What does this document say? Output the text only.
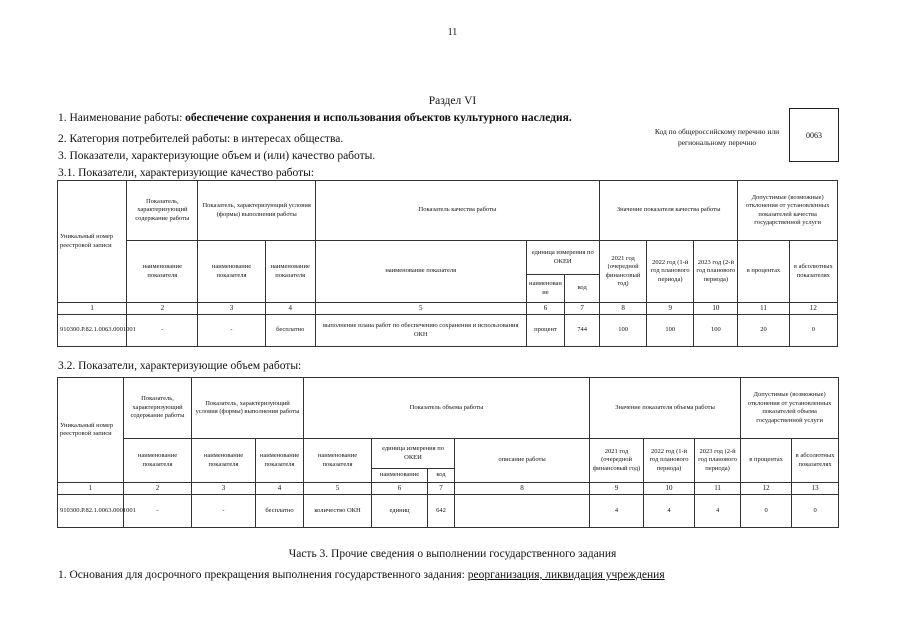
11
Раздел VI
1. Наименование работы: обеспечение сохранения и использования объектов культурного наследия.
2. Категория потребителей работы: в интересах общества.
3. Показатели, характеризующие объем и (или) качество работы.
Код по общероссийскому перечню или региональному перечню
0063
3.1. Показатели, характеризующие качество работы:
Уникальный номер реестровой записи	Показатель, характеризующий содержание работы	Показатель, характеризующий условия (формы) выполнения работы		Показатель качества работы			Значение показателя качества работы			Допустимые (возможные) отклонения от установленных показателей качества государственной услуги	
	наименование показателя	наименование показателя	наименование показателя	наименование показателя	единица измерения по ОКЕИ		2021 год (очередной финансовый год)	2022 год (1-й год планового периода)	2023 год (2-й год планового периода)	в процентах	в абсолютных показателях
					наименован ие	код					
1	2	3	4	5	6	7	8	9	10	11	12
910300.Р.82.1.0063.0001001	-	-	бесплатно	выполнение плана работ по обеспечению сохранения и использования ОКН	процент	744	100	100	100	20	0
3.2. Показатели, характеризующие объем работы:
Уникальный номер реестровой записи	Показатель, характеризующий содержание работы	Показатель, характеризующий условия (формы) выполнения работы		Показатель объема работы				Значение показателя объема работы			Допустимые (возможные) отклонения от установленных показателей объема государственной услуги	
	наименование показателя	наименование показателя	наименование показателя	наименование показателя	единица измерения по ОКЕИ		описание работы	2021 год (очередной финансовый год)	2022 год (1-й год планового периода)	2023 год (2-й год планового периода)	в процентах	в абсолютных показателях
					наименование	код						
1	2	3	4	5	6	7	8	9	10	11	12	13
910300.Р.82.1.0063.0001001	-	-	бесплатно	количество ОКН	единиц	642		4	4	4	0	0
Часть 3. Прочие сведения о выполнении государственного задания
1. Основания для досрочного прекращения выполнения государственного задания: реорганизация, ликвидация учреждения
